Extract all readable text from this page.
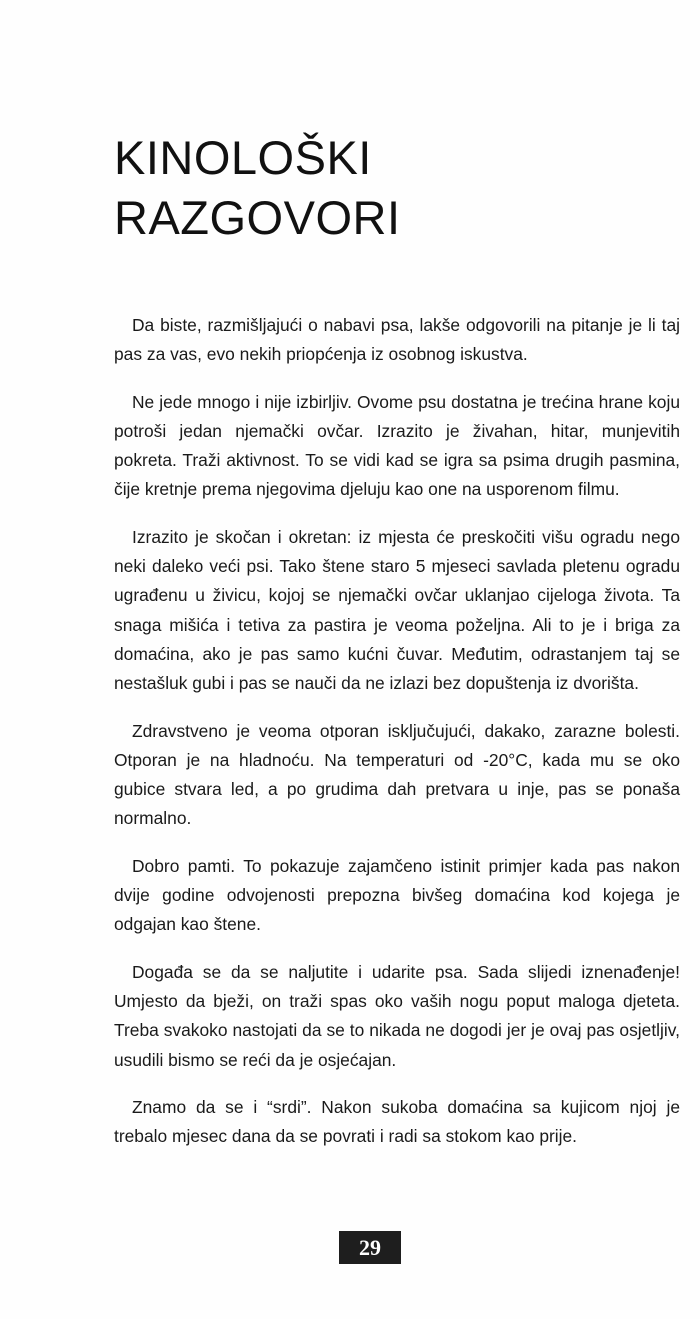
KINOLOŠKI
RAZGOVORI

Da biste, razmišljajući o nabavi psa, lakše odgovorili na pitanje je li taj pas za vas, evo nekih priopćenja iz osobnog iskustva.

Ne jede mnogo i nije izbirljiv. Ovome psu dostatna je trećina hrane koju potroši jedan njemački ovčar. Izrazito je živahan, hitar, munjevitih pokreta. Traži aktivnost. To se vidi kad se igra sa psima drugih pasmina, čije kretnje prema njegovima djeluju kao one na usporenom filmu.

Izrazito je skočan i okretan: iz mjesta će preskočiti višu ogradu nego neki daleko veći psi. Tako štene staro 5 mjeseci savlada pletenu ogradu ugrađenu u živicu, kojoj se njemački ovčar uklanjao cijeloga života. Ta snaga mišića i tetiva za pastira je veoma poželjna. Ali to je i briga za domaćina, ako je pas samo kućni čuvar. Međutim, odrastanjem taj se nestašluk gubi i pas se nauči da ne izlazi bez dopuštenja iz dvorišta.

Zdravstveno je veoma otporan isključujući, dakako, zarazne bolesti. Otporan je na hladnoću. Na temperaturi od -20°C, kada mu se oko gubice stvara led, a po grudima dah pretvara u inje, pas se ponaša normalno.

Dobro pamti. To pokazuje zajamčeno istinit primjer kada pas nakon dvije godine odvojenosti prepozna bivšeg domaćina kod kojega je odgajan kao štene.

Događa se da se naljutite i udarite psa. Sada slijedi iznenađenje! Umjesto da bježi, on traži spas oko vaših nogu poput maloga djeteta. Treba svakoko nastojati da se to nikada ne dogodi jer je ovaj pas osjetljiv, usudili bismo se reći da je osjećajan.

Znamo da se i “srdi”. Nakon sukoba domaćina sa kujicom njoj je trebalo mjesec dana da se povrati i radi sa stokom kao prije.

29
